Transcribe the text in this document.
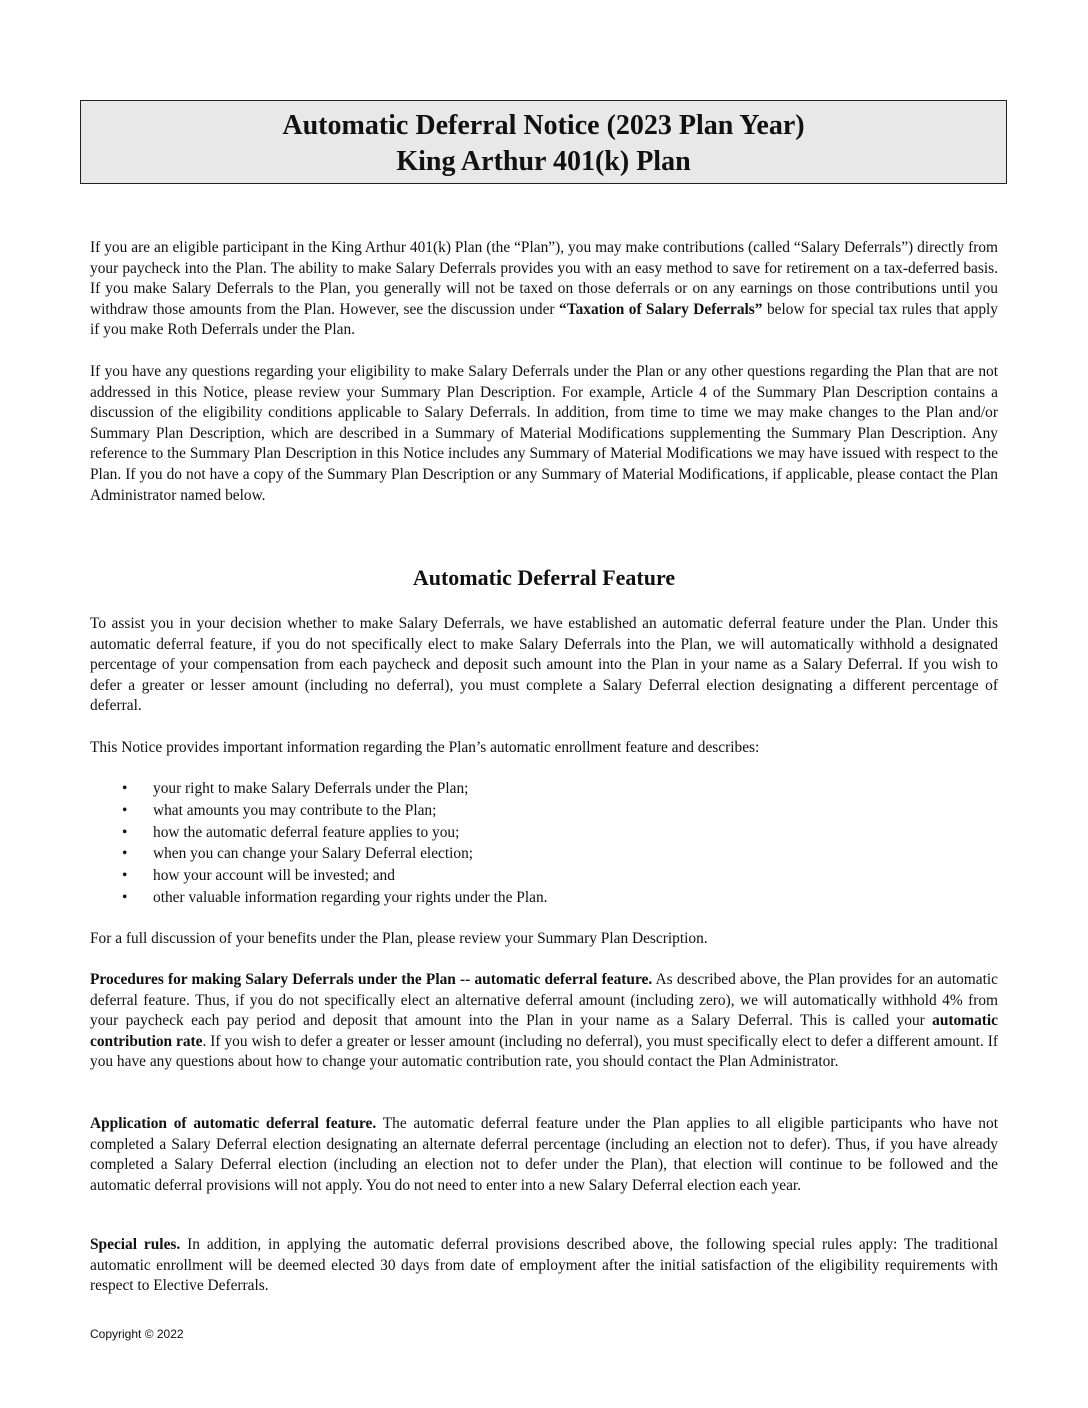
Automatic Deferral Notice (2023 Plan Year)
King Arthur 401(k) Plan

If you are an eligible participant in the King Arthur 401(k) Plan (the “Plan”), you may make contributions (called “Salary Deferrals”) directly from your paycheck into the Plan. The ability to make Salary Deferrals provides you with an easy method to save for retirement on a tax-deferred basis. If you make Salary Deferrals to the Plan, you generally will not be taxed on those deferrals or on any earnings on those contributions until you withdraw those amounts from the Plan. However, see the discussion under “Taxation of Salary Deferrals” below for special tax rules that apply if you make Roth Deferrals under the Plan.

If you have any questions regarding your eligibility to make Salary Deferrals under the Plan or any other questions regarding the Plan that are not addressed in this Notice, please review your Summary Plan Description. For example, Article 4 of the Summary Plan Description contains a discussion of the eligibility conditions applicable to Salary Deferrals. In addition, from time to time we may make changes to the Plan and/or Summary Plan Description, which are described in a Summary of Material Modifications supplementing the Summary Plan Description. Any reference to the Summary Plan Description in this Notice includes any Summary of Material Modifications we may have issued with respect to the Plan. If you do not have a copy of the Summary Plan Description or any Summary of Material Modifications, if applicable, please contact the Plan Administrator named below.

Automatic Deferral Feature

To assist you in your decision whether to make Salary Deferrals, we have established an automatic deferral feature under the Plan. Under this automatic deferral feature, if you do not specifically elect to make Salary Deferrals into the Plan, we will automatically withhold a designated percentage of your compensation from each paycheck and deposit such amount into the Plan in your name as a Salary Deferral. If you wish to defer a greater or lesser amount (including no deferral), you must complete a Salary Deferral election designating a different percentage of deferral.

This Notice provides important information regarding the Plan’s automatic enrollment feature and describes:

• your right to make Salary Deferrals under the Plan;
• what amounts you may contribute to the Plan;
• how the automatic deferral feature applies to you;
• when you can change your Salary Deferral election;
• how your account will be invested; and
• other valuable information regarding your rights under the Plan.

For a full discussion of your benefits under the Plan, please review your Summary Plan Description.

Procedures for making Salary Deferrals under the Plan -- automatic deferral feature. As described above, the Plan provides for an automatic deferral feature. Thus, if you do not specifically elect an alternative deferral amount (including zero), we will automatically withhold 4% from your paycheck each pay period and deposit that amount into the Plan in your name as a Salary Deferral. This is called your automatic contribution rate. If you wish to defer a greater or lesser amount (including no deferral), you must specifically elect to defer a different amount. If you have any questions about how to change your automatic contribution rate, you should contact the Plan Administrator.

Application of automatic deferral feature. The automatic deferral feature under the Plan applies to all eligible participants who have not completed a Salary Deferral election designating an alternate deferral percentage (including an election not to defer). Thus, if you have already completed a Salary Deferral election (including an election not to defer under the Plan), that election will continue to be followed and the automatic deferral provisions will not apply. You do not need to enter into a new Salary Deferral election each year.

Special rules. In addition, in applying the automatic deferral provisions described above, the following special rules apply: The traditional automatic enrollment will be deemed elected 30 days from date of employment after the initial satisfaction of the eligibility requirements with respect to Elective Deferrals.

Copyright © 2022
